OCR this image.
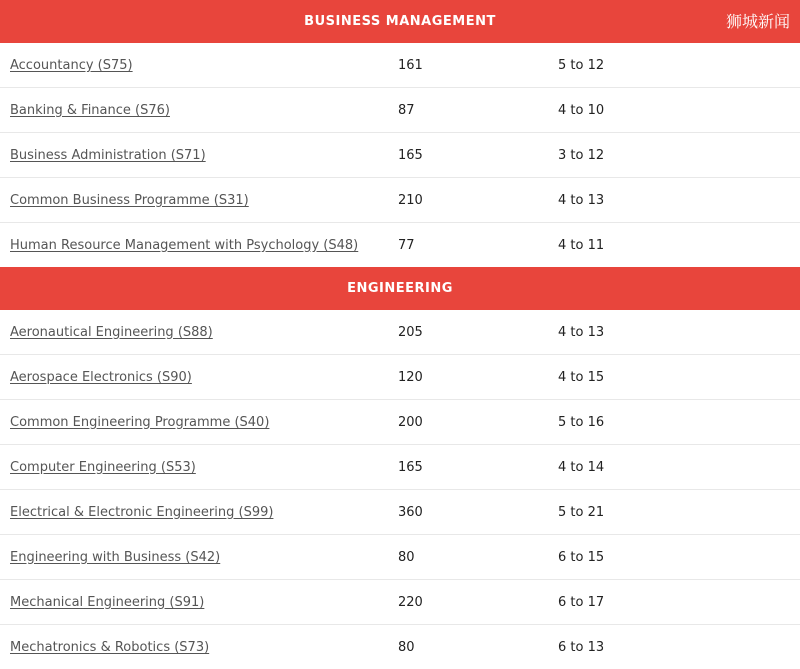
BUSINESS MANAGEMENT	狮城新闻
Accountancy (S75)	161	5 to 12
Banking & Finance (S76)	87	4 to 10
Business Administration (S71)	165	3 to 12
Common Business Programme (S31)	210	4 to 13
Human Resource Management with Psychology (S48)	77	4 to 11
ENGINEERING
Aeronautical Engineering (S88)	205	4 to 13
Aerospace Electronics (S90)	120	4 to 15
Common Engineering Programme (S40)	200	5 to 16
Computer Engineering (S53)	165	4 to 14
Electrical & Electronic Engineering (S99)	360	5 to 21
Engineering with Business (S42)	80	6 to 15
Mechanical Engineering (S91)	220	6 to 17
Mechatronics & Robotics (S73)	80	6 to 13
